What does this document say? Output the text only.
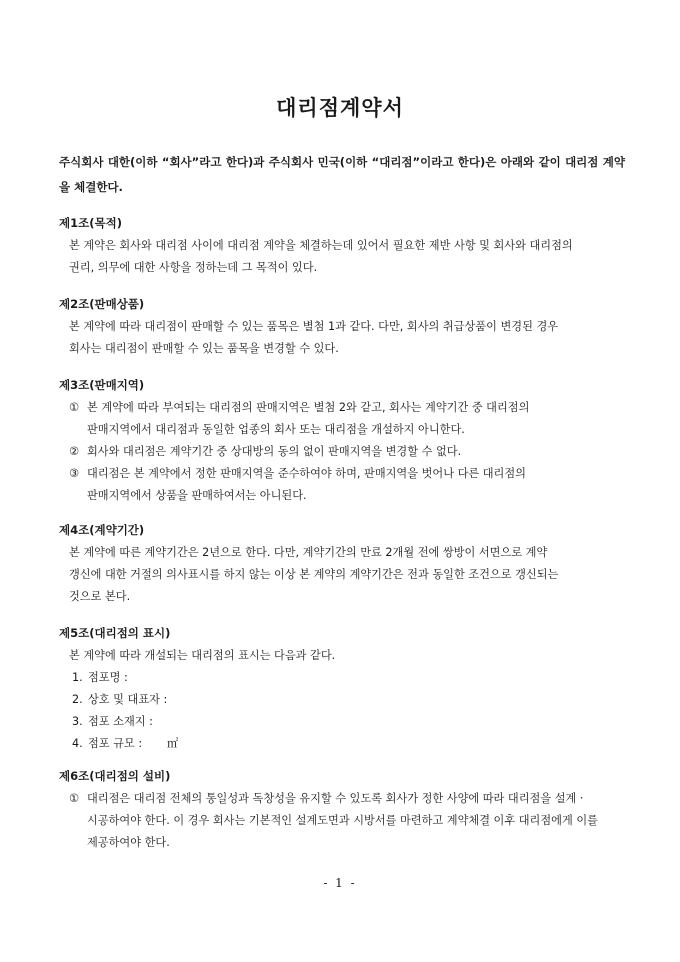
대리점계약서
주식회사 대한(이하 “회사”라고 한다)과 주식회사 민국(이하 “대리점”이라고 한다)은 아래와 같이 대리점 계약을 체결한다.
제1조(목적)
본 계약은 회사와 대리점 사이에 대리점 계약을 체결하는데 있어서 필요한 제반 사항 및 회사와 대리점의
권리, 의무에 대한 사항을 정하는데 그 목적이 있다.
제2조(판매상품)
본 계약에 따라 대리점이 판매할 수 있는 품목은 별첨 1과 같다. 다만, 회사의 취급상품이 변경된 경우
회사는 대리점이 판매할 수 있는 품목을 변경할 수 있다.
제3조(판매지역)
① 본 계약에 따라 부여되는 대리점의 판매지역은 별첨 2와 같고, 회사는 계약기간 중 대리점의
판매지역에서 대리점과 동일한 업종의 회사 또는 대리점을 개설하지 아니한다.
② 회사와 대리점은 계약기간 중 상대방의 동의 없이 판매지역을 변경할 수 없다.
③ 대리점은 본 계약에서 정한 판매지역을 준수하여야 하며, 판매지역을 벗어나 다른 대리점의
판매지역에서 상품을 판매하여서는 아니된다.
제4조(계약기간)
본 계약에 따른 계약기간은 2년으로 한다. 다만, 계약기간의 만료 2개월 전에 쌍방이 서면으로 계약
갱신에 대한 거절의 의사표시를 하지 않는 이상 본 계약의 계약기간은 전과 동일한 조건으로 갱신되는
것으로 본다.
제5조(대리점의 표시)
본 계약에 따라 개설되는 대리점의 표시는 다음과 같다.
1. 점포명 :
2. 상호 및 대표자 :
3. 점포 소재지 :
4. 점포 규모 :       ㎡
제6조(대리점의 설비)
① 대리점은 대리점 전체의 통일성과 독창성을 유지할 수 있도록 회사가 정한 사양에 따라 대리점을 설계 ·
시공하여야 한다. 이 경우 회사는 기본적인 설계도면과 시방서를 마련하고 계약체결 이후 대리점에게 이를
제공하여야 한다.
- 1 -
